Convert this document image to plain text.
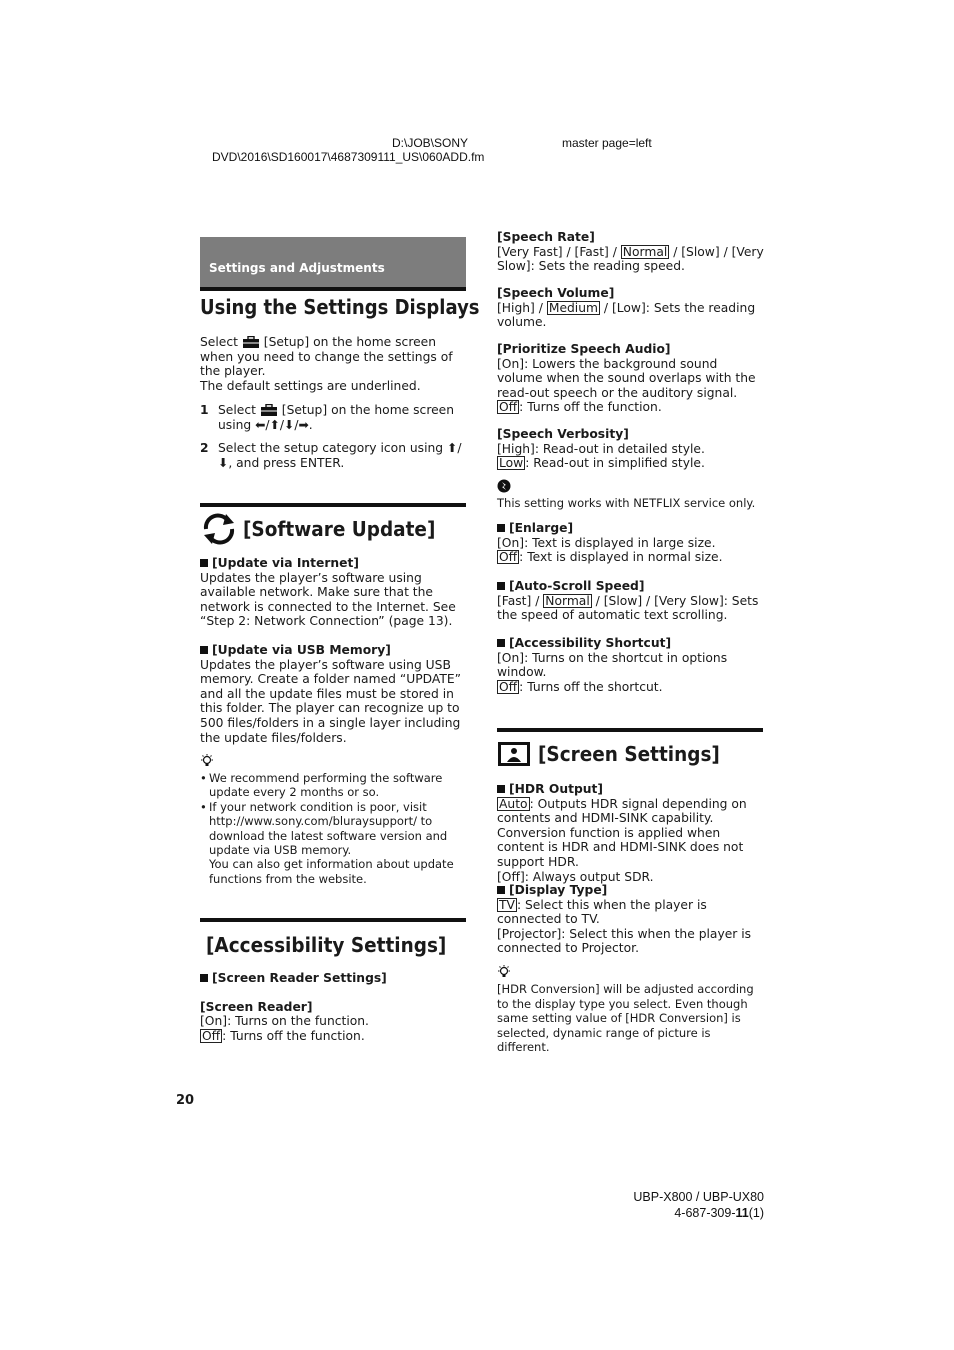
D:\JOB\SONY
DVD\2016\SD160017\4687309111_US\060ADD.fm
master page=left
Settings and Adjustments
Using the Settings Displays

Select  [Setup] on the home screen when you need to change the settings of the player.

The default settings are underlined.

1 Select  [Setup] on the home screen using ⬅/⬆/⬇/➡.
2 Select the setup category icon using ⬆/⬇, and press ENTER.
[Software Update]

[Update via Internet]

Updates the player’s software using available network. Make sure that the network is connected to the Internet. See “Step 2: Network Connection” (page 13).

[Update via USB Memory]

Updates the player’s software using USB memory. Create a folder named “UPDATE” and all the update files must be stored in this folder. The player can recognize up to 500 files/folders in a single layer including the update files/folders.

• We recommend performing the software update every 2 months or so.
• If your network condition is poor, visit http://www.sony.com/bluraysupport/ to download the latest software version and update via USB memory.
You can also get information about update functions from the website.
[Accessibility Settings]

[Screen Reader Settings]

[Screen Reader]

[On]: Turns on the function.

Off : Turns off the function.

[Speech Rate]

[Very Fast] / [Fast] / Normal / [Slow] / [Very Slow]: Sets the reading speed.

[Speech Volume]

[High] / Medium / [Low]: Sets the reading volume.

[Prioritize Speech Audio]

[On]: Lowers the background sound volume when the sound overlaps with the read-out speech or the auditory signal.

Off : Turns off the function.

[Speech Verbosity]

[High]: Read-out in detailed style.

Low : Read-out in simplified style.

This setting works with NETFLIX service only.

[Enlarge]

[On]: Text is displayed in large size.

Off : Text is displayed in normal size.

[Auto-Scroll Speed]

[Fast] / Normal / [Slow] / [Very Slow]: Sets the speed of automatic text scrolling.

[Accessibility Shortcut]

[On]: Turns on the shortcut in options window.

Off : Turns off the shortcut.

[Screen Settings]

[HDR Output]

Auto : Outputs HDR signal depending on contents and HDMI-SINK capability. Conversion function is applied when content is HDR and HDMI-SINK does not support HDR.

[Off]: Always output SDR.

[Display Type]

TV : Select this when the player is connected to TV.

[Projector]: Select this when the player is connected to Projector.

[HDR Conversion] will be adjusted according to the display type you select. Even though same setting value of [HDR Conversion] is selected, dynamic range of picture is different.

20
UBP-X800 / UBP-UX80
4-687-309-11(1)
